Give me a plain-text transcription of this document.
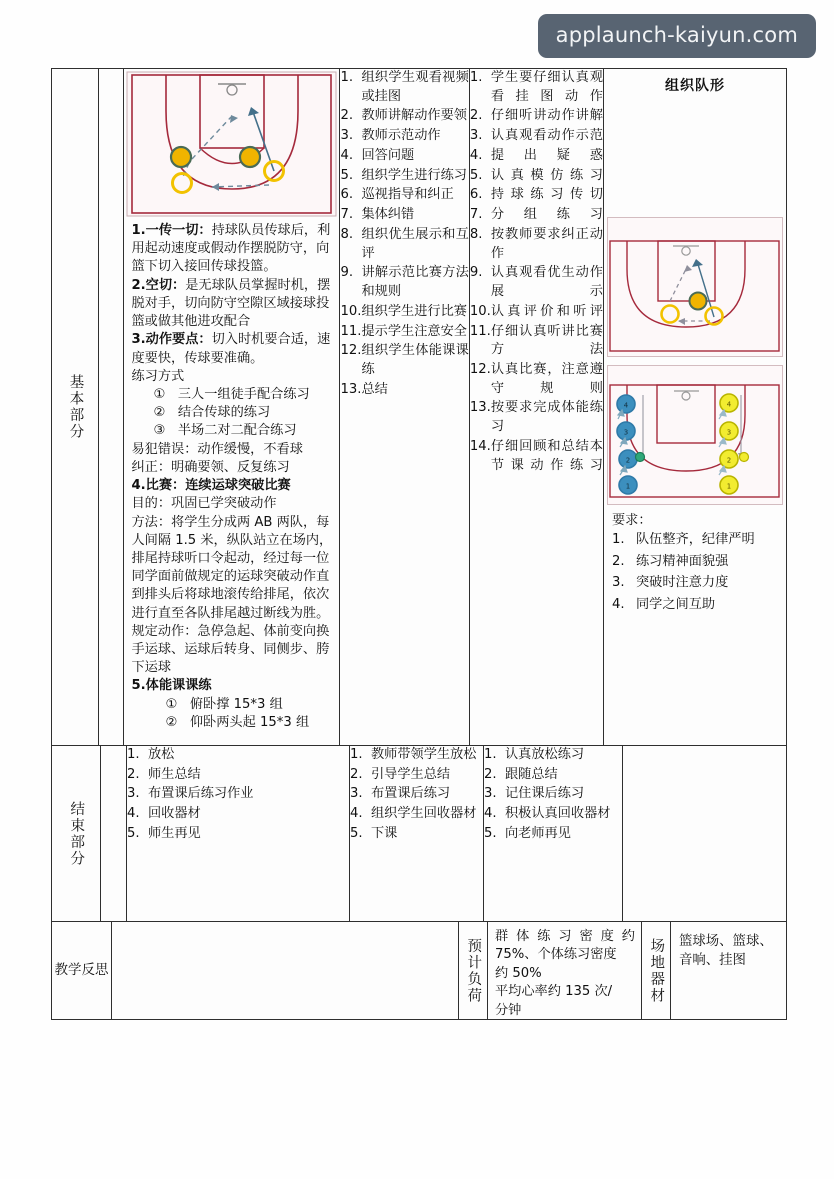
applaunch-kaiyun.com
基本部分

1.一传一切：持球队员传球后，利用起动速度或假动作摆脱防守，向篮下切入接回传球投篮。

2.空切：是无球队员掌握时机，摆脱对手，切向防守空隙区域接球投篮或做其他进攻配合

3.动作要点：切入时机要合适，速度要快，传球要准确。

练习方式

① 三人一组徒手配合练习

② 结合传球的练习

③ 半场二对二配合练习

易犯错误：动作缓慢，不看球

纠正：明确要领、反复练习

4.比赛：连续运球突破比赛

目的：巩固已学突破动作

方法：将学生分成两 AB 两队，每人间隔 1.5 米，纵队站立在场内，排尾持球听口令起动，经过每一位同学面前做规定的运球突破动作直到排头后将球地滚传给排尾，依次进行直至各队排尾越过断线为胜。

规定动作：急停急起、体前变向换手运球、运球后转身、同侧步、胯下运球

5.体能课课练

① 俯卧撑 15*3 组

② 仰卧两头起 15*3 组

1. 组织学生观看视频或挂图
2. 教师讲解动作要领
3. 教师示范动作
4. 回答问题
5. 组织学生进行练习
6. 巡视指导和纠正
7. 集体纠错
8. 组织优生展示和互评
9. 讲解示范比赛方法和规则
10. 组织学生进行比赛
11. 提示学生注意安全
12. 组织学生体能课课练
13. 总结
1. 学生要仔细认真观看挂图动作
2. 仔细听讲动作讲解
3. 认真观看动作示范
4. 提出疑惑
5. 认真模仿练习
6. 持球练习传切
7. 分组练习
8. 按教师要求纠正动作
9. 认真观看优生动作展示
10. 认真评价和听评
11. 仔细认真听讲比赛方法
12. 认真比赛，注意遵守规则
13. 按要求完成体能练习
14. 仔细回顾和总结本节课动作练习
组织队形
4
3
2
1
4
3
2
1
要求：
1. 队伍整齐，纪律严明
2. 练习精神面貌强
3. 突破时注意力度
4. 同学之间互助
结束部分
1. 放松
2. 师生总结
3. 布置课后练习作业
4. 回收器材
5. 师生再见
1. 教师带领学生放松
2. 引导学生总结
3. 布置课后练习
4. 组织学生回收器材
5. 下课
1. 认真放松练习
2. 跟随总结
3. 记住课后练习
4. 积极认真回收器材
5. 向老师再见
教学反思	预计负荷
群体练习密度约
75%、个体练习密度
约 50%
平均心率约 135 次/
分钟
场地器材	篮球场、篮球、音响、挂图
